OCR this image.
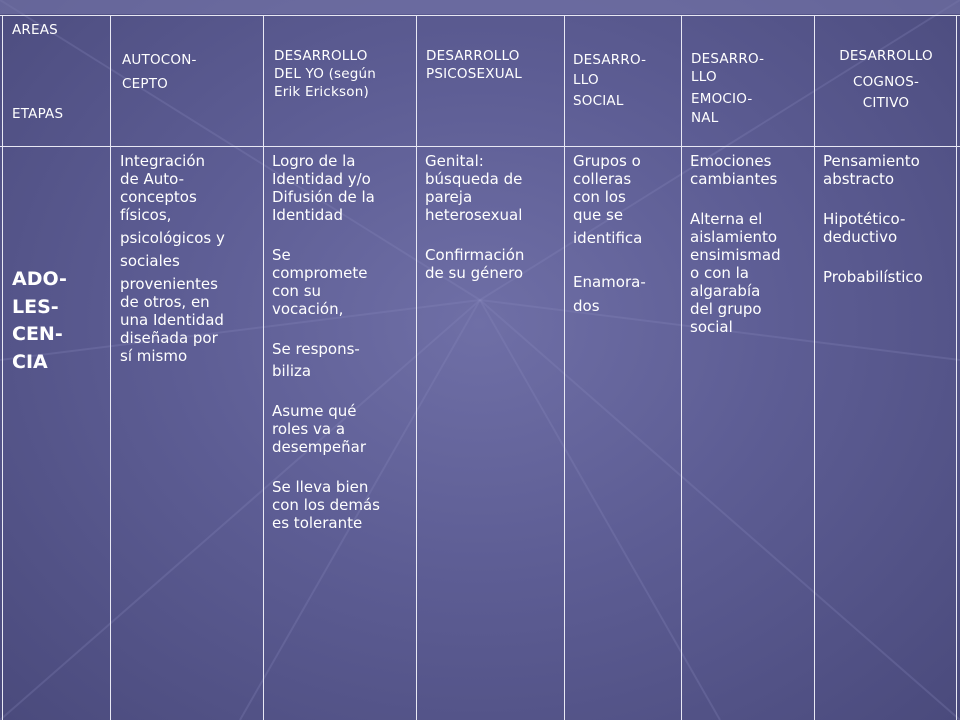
AREAS
ETAPAS
AUTOCON-
CEPTO
DESARROLLO
DEL YO (según
Erik Erickson)
DESARROLLO
PSICOSEXUAL
DESARRO-
LLO
SOCIAL
DESARRO-
LLO
EMOCIO-
NAL
DESARROLLO
COGNOS-
CITIVO
ADO-
LES-
CEN-
CIA
Integración
de Auto-
conceptos
físicos,
psicológicos y
sociales
provenientes
de otros, en
una Identidad
diseñada por
sí mismo
Logro de la
Identidad y/o
Difusión de la
Identidad
Se
compromete
con su
vocación,
Se respons-
biliza
Asume qué
roles va a
desempeñar
Se lleva bien
con los demás
es tolerante
Genital:
búsqueda de
pareja
heterosexual
Confirmación
de su género
Grupos o
colleras
con los
que se
identifica
Enamora-
dos
Emociones
cambiantes
Alterna el
aislamiento
ensimismad
o con la
algarabía
del grupo
social
Pensamiento
abstracto
Hipotético-
deductivo
Probabilístico
